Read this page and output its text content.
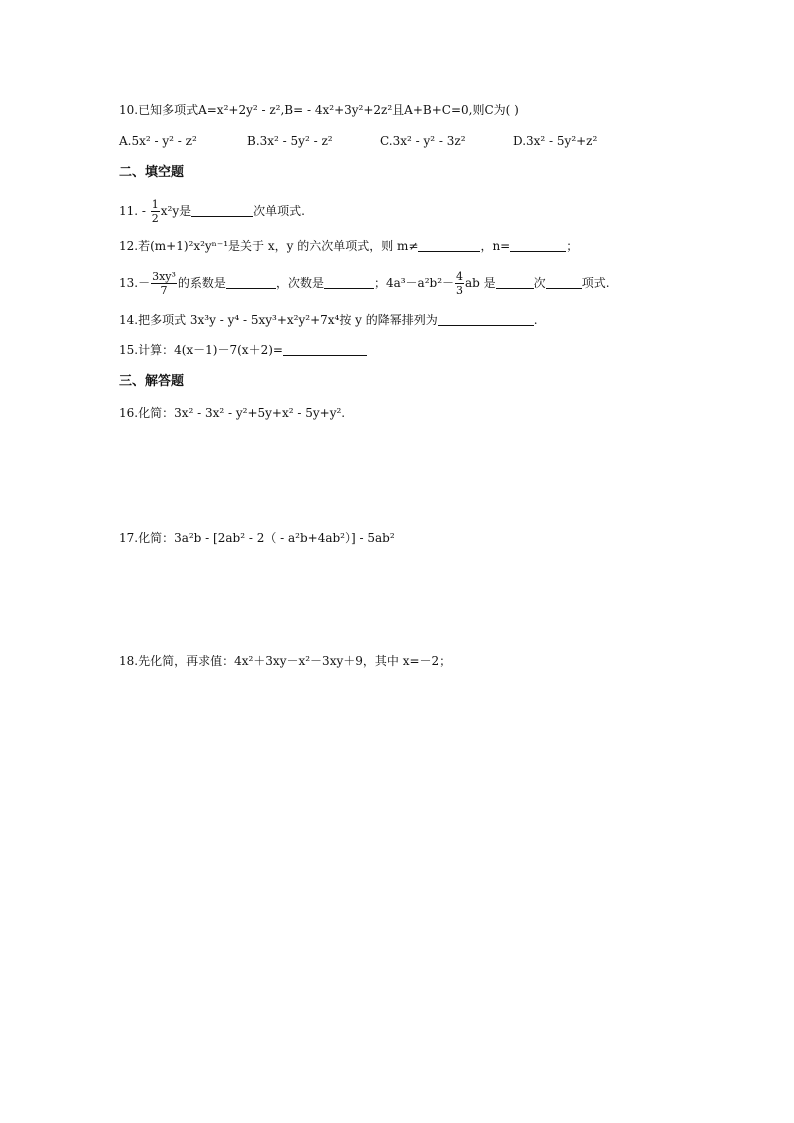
10.已知多项式A=x²+2y² - z²,B= - 4x²+3y²+2z²且A+B+C=0,则C为( )
A.5x² - y² - z²	B.3x² - 5y² - z²	C.3x² - y² - 3z²	D.3x² - 5y²+z²
二、填空题
11. - $\frac{1}{2} x^2y$是	次单项式.
12.若(m+1)²x²yⁿ⁻¹是关于 x，y 的六次单项式，则 m≠	，n=	；
$13.- \frac{\text{3xy³}}{7}$ 的系数是	，次数是	；$4a^3-a^2b^2- \frac{4}{3}$ ab 是	次	项式.
14.把多项式 3x³y - y⁴ - 5xy³+x²y²+7x⁴按 y 的降幂排列为	.
15.计算：4(x－1)－7(x＋2)=
三、解答题
16.化简：3x² - 3x² - y²+5y+x² - 5y+y².
17.化简：3a²b - [2ab² - 2（ - a²b+4ab²）] - 5ab²
18.先化简，再求值：4x²＋3xy－x²－3xy＋9，其中 x=－2；
